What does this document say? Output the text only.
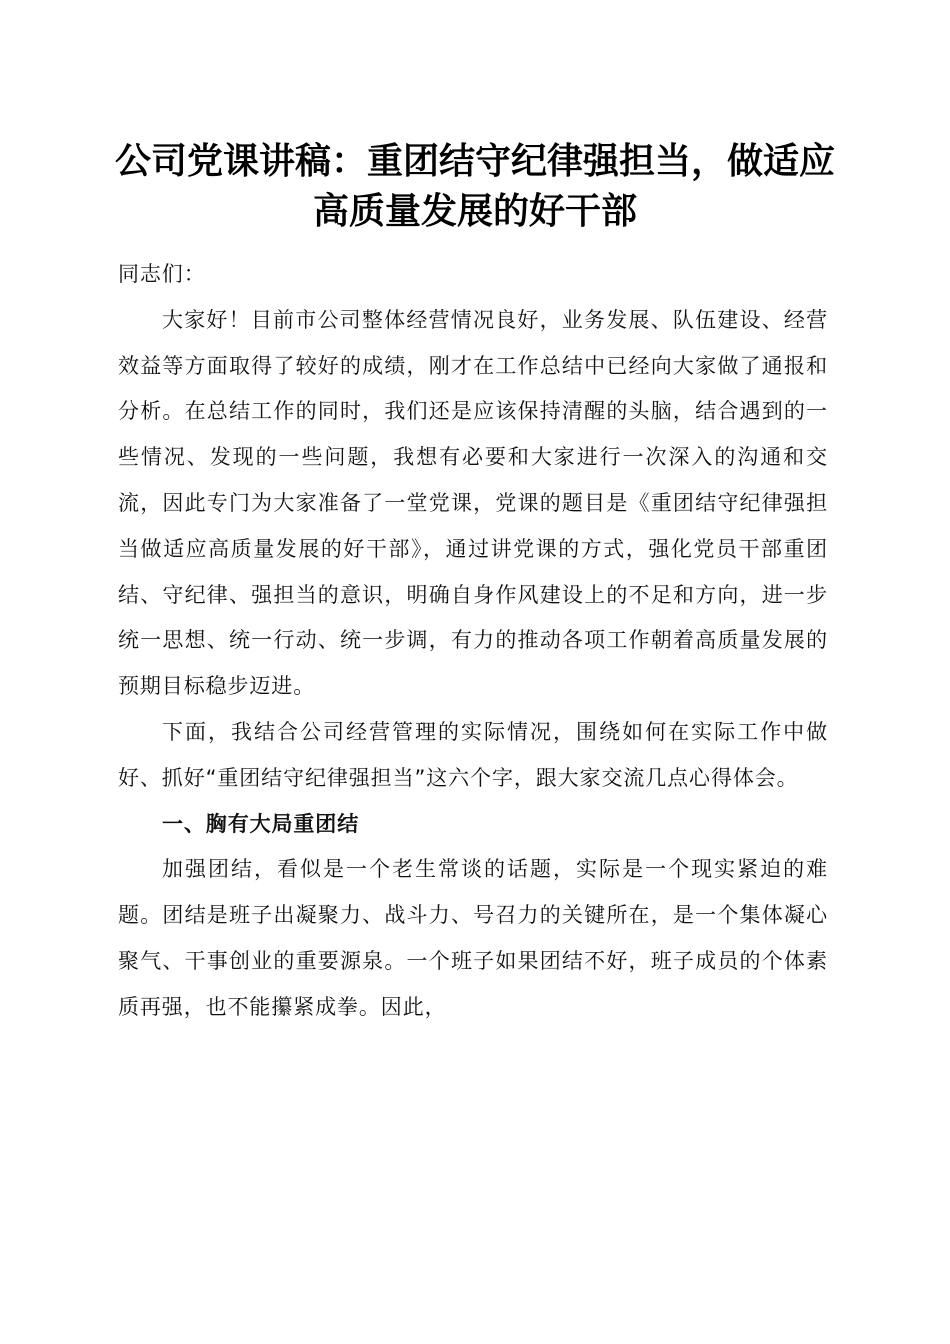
公司党课讲稿：重团结守纪律强担当，做适应
高质量发展的好干部

同志们：

大家好！目前市公司整体经营情况良好，业务发展、队伍建设、经营效益等方面取得了较好的成绩，刚才在工作总结中已经向大家做了通报和分析。在总结工作的同时，我们还是应该保持清醒的头脑，结合遇到的一些情况、发现的一些问题，我想有必要和大家进行一次深入的沟通和交流，因此专门为大家准备了一堂党课，党课的题目是《重团结守纪律强担当做适应高质量发展的好干部》，通过讲党课的方式，强化党员干部重团结、守纪律、强担当的意识，明确自身作风建设上的不足和方向，进一步统一思想、统一行动、统一步调，有力的推动各项工作朝着高质量发展的预期目标稳步迈进。

下面，我结合公司经营管理的实际情况，围绕如何在实际工作中做好、抓好“重团结守纪律强担当”这六个字，跟大家交流几点心得体会。

一、胸有大局重团结

加强团结，看似是一个老生常谈的话题，实际是一个现实紧迫的难题。团结是班子出凝聚力、战斗力、号召力的关键所在，是一个集体凝心聚气、干事创业的重要源泉。一个班子如果团结不好，班子成员的个体素质再强，也不能攥紧成拳。因此，
